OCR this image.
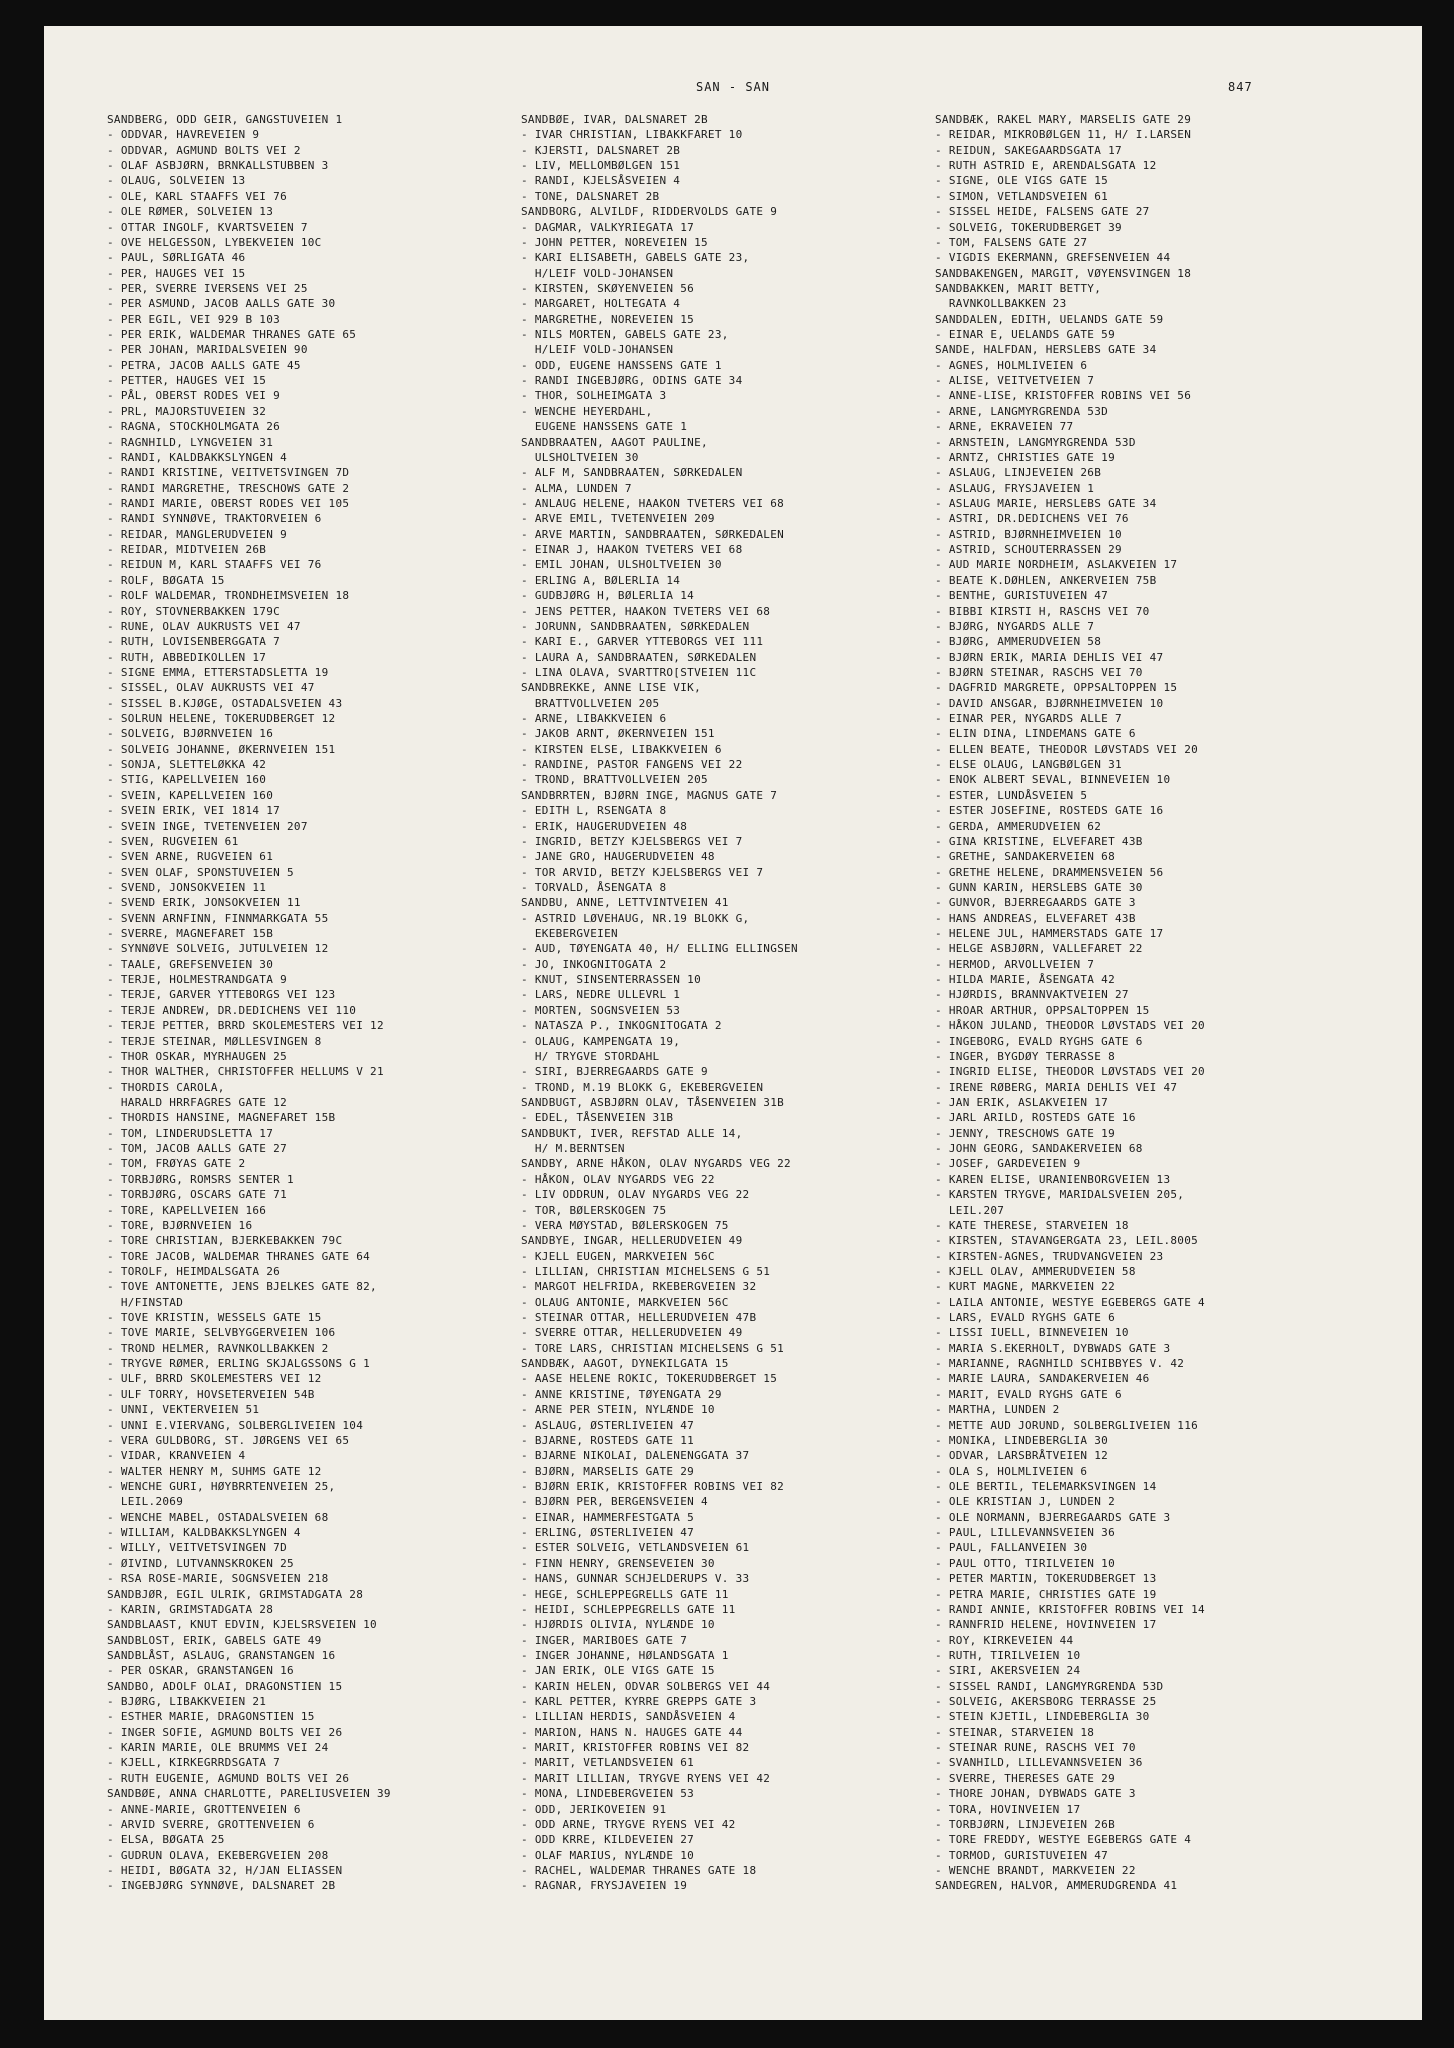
SAN - SAN	847
SANDBERG, ODD GEIR, GANGSTUVEIEN 1
- ODDVAR, HAVREVEIEN 9
- ODDVAR, AGMUND BOLTS VEI 2
- OLAF ASBJØRN, BRNKALLSTUBBEN 3
- OLAUG, SOLVEIEN 13
- OLE, KARL STAAFFS VEI 76
- OLE RØMER, SOLVEIEN 13
- OTTAR INGOLF, KVARTSVEIEN 7
- OVE HELGESSON, LYBEKVEIEN 10C
- PAUL, SØRLIGATA 46
- PER, HAUGES VEI 15
- PER, SVERRE IVERSENS VEI 25
- PER ASMUND, JACOB AALLS GATE 30
- PER EGIL, VEI 929 B 103
- PER ERIK, WALDEMAR THRANES GATE 65
- PER JOHAN, MARIDALSVEIEN 90
- PETRA, JACOB AALLS GATE 45
- PETTER, HAUGES VEI 15
- PÅL, OBERST RODES VEI 9
- PRL, MAJORSTUVEIEN 32
- RAGNA, STOCKHOLMGATA 26
- RAGNHILD, LYNGVEIEN 31
- RANDI, KALDBAKKSLYNGEN 4
- RANDI KRISTINE, VEITVETSVINGEN 7D
- RANDI MARGRETHE, TRESCHOWS GATE 2
- RANDI MARIE, OBERST RODES VEI 105
- RANDI SYNNØVE, TRAKTORVEIEN 6
- REIDAR, MANGLERUDVEIEN 9
- REIDAR, MIDTVEIEN 26B
- REIDUN M, KARL STAAFFS VEI 76
- ROLF, BØGATA 15
- ROLF WALDEMAR, TRONDHEIMSVEIEN 18
- ROY, STOVNERBAKKEN 179C
- RUNE, OLAV AUKRUSTS VEI 47
- RUTH, LOVISENBERGGATA 7
- RUTH, ABBEDIKOLLEN 17
- SIGNE EMMA, ETTERSTADSLETTA 19
- SISSEL, OLAV AUKRUSTS VEI 47
- SISSEL B.KJØGE, OSTADALSVEIEN 43
- SOLRUN HELENE, TOKERUDBERGET 12
- SOLVEIG, BJØRNVEIEN 16
- SOLVEIG JOHANNE, ØKERNVEIEN 151
- SONJA, SLETTELØKKA 42
- STIG, KAPELLVEIEN 160
- SVEIN, KAPELLVEIEN 160
- SVEIN ERIK, VEI 1814 17
- SVEIN INGE, TVETENVEIEN 207
- SVEN, RUGVEIEN 61
- SVEN ARNE, RUGVEIEN 61
- SVEN OLAF, SPONSTUVEIEN 5
- SVEND, JONSOKVEIEN 11
- SVEND ERIK, JONSOKVEIEN 11
- SVENN ARNFINN, FINNMARKGATA 55
- SVERRE, MAGNEFARET 15B
- SYNNØVE SOLVEIG, JUTULVEIEN 12
- TAALE, GREFSENVEIEN 30
- TERJE, HOLMESTRANDGATA 9
- TERJE, GARVER YTTEBORGS VEI 123
- TERJE ANDREW, DR.DEDICHENS VEI 110
- TERJE PETTER, BRRD SKOLEMESTERS VEI 12
- TERJE STEINAR, MØLLESVINGEN 8
- THOR OSKAR, MYRHAUGEN 25
- THOR WALTHER, CHRISTOFFER HELLUMS V 21
- THORDIS CAROLA,
HARALD HRRFAGRES GATE 12
- THORDIS HANSINE, MAGNEFARET 15B
- TOM, LINDERUDSLETTA 17
- TOM, JACOB AALLS GATE 27
- TOM, FRØYAS GATE 2
- TORBJØRG, ROMSRS SENTER 1
- TORBJØRG, OSCARS GATE 71
- TORE, KAPELLVEIEN 166
- TORE, BJØRNVEIEN 16
- TORE CHRISTIAN, BJERKEBAKKEN 79C
- TORE JACOB, WALDEMAR THRANES GATE 64
- TOROLF, HEIMDALSGATA 26
- TOVE ANTONETTE, JENS BJELKES GATE 82,
H/FINSTAD
- TOVE KRISTIN, WESSELS GATE 15
- TOVE MARIE, SELVBYGGERVEIEN 106
- TROND HELMER, RAVNKOLLBAKKEN 2
- TRYGVE RØMER, ERLING SKJALGSSONS G 1
- ULF, BRRD SKOLEMESTERS VEI 12
- ULF TORRY, HOVSETERVEIEN 54B
- UNNI, VEKTERVEIEN 51
- UNNI E.VIERVANG, SOLBERGLIVEIEN 104
- VERA GULDBORG, ST. JØRGENS VEI 65
- VIDAR, KRANVEIEN 4
- WALTER HENRY M, SUHMS GATE 12
- WENCHE GURI, HØYBRRTENVEIEN 25,
LEIL.2069
- WENCHE MABEL, OSTADALSVEIEN 68
- WILLIAM, KALDBAKKSLYNGEN 4
- WILLY, VEITVETSVINGEN 7D
- ØIVIND, LUTVANNSKROKEN 25
- RSA ROSE-MARIE, SOGNSVEIEN 218
SANDBJØR, EGIL ULRIK, GRIMSTADGATA 28
- KARIN, GRIMSTADGATA 28
SANDBLAAST, KNUT EDVIN, KJELSRSVEIEN 10
SANDBLOST, ERIK, GABELS GATE 49
SANDBLÅST, ASLAUG, GRANSTANGEN 16
- PER OSKAR, GRANSTANGEN 16
SANDBO, ADOLF OLAI, DRAGONSTIEN 15
- BJØRG, LIBAKKVEIEN 21
- ESTHER MARIE, DRAGONSTIEN 15
- INGER SOFIE, AGMUND BOLTS VEI 26
- KARIN MARIE, OLE BRUMMS VEI 24
- KJELL, KIRKEGRRDSGATA 7
- RUTH EUGENIE, AGMUND BOLTS VEI 26
SANDBØE, ANNA CHARLOTTE, PARELIUSVEIEN 39
- ANNE-MARIE, GROTTENVEIEN 6
- ARVID SVERRE, GROTTENVEIEN 6
- ELSA, BØGATA 25
- GUDRUN OLAVA, EKEBERGVEIEN 208
- HEIDI, BØGATA 32, H/JAN ELIASSEN
- INGEBJØRG SYNNØVE, DALSNARET 2B
SANDBØE, IVAR, DALSNARET 2B
- IVAR CHRISTIAN, LIBAKKFARET 10
- KJERSTI, DALSNARET 2B
- LIV, MELLOMBØLGEN 151
- RANDI, KJELSÅSVEIEN 4
- TONE, DALSNARET 2B
SANDBORG, ALVILDF, RIDDERVOLDS GATE 9
- DAGMAR, VALKYRIEGATA 17
- JOHN PETTER, NOREVEIEN 15
- KARI ELISABETH, GABELS GATE 23,
H/LEIF VOLD-JOHANSEN
- KIRSTEN, SKØYENVEIEN 56
- MARGARET, HOLTEGATA 4
- MARGRETHE, NOREVEIEN 15
- NILS MORTEN, GABELS GATE 23,
H/LEIF VOLD-JOHANSEN
- ODD, EUGENE HANSSENS GATE 1
- RANDI INGEBJØRG, ODINS GATE 34
- THOR, SOLHEIMGATA 3
- WENCHE HEYERDAHL,
EUGENE HANSSENS GATE 1
SANDBRAATEN, AAGOT PAULINE,
ULSHOLTVEIEN 30
- ALF M, SANDBRAATEN, SØRKEDALEN
- ALMA, LUNDEN 7
- ANLAUG HELENE, HAAKON TVETERS VEI 68
- ARVE EMIL, TVETENVEIEN 209
- ARVE MARTIN, SANDBRAATEN, SØRKEDALEN
- EINAR J, HAAKON TVETERS VEI 68
- EMIL JOHAN, ULSHOLTVEIEN 30
- ERLING A, BØLERLIA 14
- GUDBJØRG H, BØLERLIA 14
- JENS PETTER, HAAKON TVETERS VEI 68
- JORUNN, SANDBRAATEN, SØRKEDALEN
- KARI E., GARVER YTTEBORGS VEI 111
- LAURA A, SANDBRAATEN, SØRKEDALEN
- LINA OLAVA, SVARTTRO[STVEIEN 11C
SANDBREKKE, ANNE LISE VIK,
BRATTVOLLVEIEN 205
- ARNE, LIBAKKVEIEN 6
- JAKOB ARNT, ØKERNVEIEN 151
- KIRSTEN ELSE, LIBAKKVEIEN 6
- RANDINE, PASTOR FANGENS VEI 22
- TROND, BRATTVOLLVEIEN 205
SANDBRRTEN, BJØRN INGE, MAGNUS GATE 7
- EDITH L, RSENGATA 8
- ERIK, HAUGERUDVEIEN 48
- INGRID, BETZY KJELSBERGS VEI 7
- JANE GRO, HAUGERUDVEIEN 48
- TOR ARVID, BETZY KJELSBERGS VEI 7
- TORVALD, ÅSENGATA 8
SANDBU, ANNE, LETTVINTVEIEN 41
- ASTRID LØVEHAUG, NR.19 BLOKK G,
EKEBERGVEIEN
- AUD, TØYENGATA 40, H/ ELLING ELLINGSEN
- JO, INKOGNITOGATA 2
- KNUT, SINSENTERRASSEN 10
- LARS, NEDRE ULLEVRL 1
- MORTEN, SOGNSVEIEN 53
- NATASZA P., INKOGNITOGATA 2
- OLAUG, KAMPENGATA 19,
H/ TRYGVE STORDAHL
- SIRI, BJERREGAARDS GATE 9
- TROND, M.19 BLOKK G, EKEBERGVEIEN
SANDBUGT, ASBJØRN OLAV, TÅSENVEIEN 31B
- EDEL, TÅSENVEIEN 31B
SANDBUKT, IVER, REFSTAD ALLE 14,
H/ M.BERNTSEN
SANDBY, ARNE HÅKON, OLAV NYGARDS VEG 22
- HÅKON, OLAV NYGARDS VEG 22
- LIV ODDRUN, OLAV NYGARDS VEG 22
- TOR, BØLERSKOGEN 75
- VERA MØYSTAD, BØLERSKOGEN 75
SANDBYE, INGAR, HELLERUDVEIEN 49
- KJELL EUGEN, MARKVEIEN 56C
- LILLIAN, CHRISTIAN MICHELSENS G 51
- MARGOT HELFRIDA, RKEBERGVEIEN 32
- OLAUG ANTONIE, MARKVEIEN 56C
- STEINAR OTTAR, HELLERUDVEIEN 47B
- SVERRE OTTAR, HELLERUDVEIEN 49
- TORE LARS, CHRISTIAN MICHELSENS G 51
SANDBÆK, AAGOT, DYNEKILGATA 15
- AASE HELENE ROKIC, TOKERUDBERGET 15
- ANNE KRISTINE, TØYENGATA 29
- ARNE PER STEIN, NYLÆNDE 10
- ASLAUG, ØSTERLIVEIEN 47
- BJARNE, ROSTEDS GATE 11
- BJARNE NIKOLAI, DALENENGGATA 37
- BJØRN, MARSELIS GATE 29
- BJØRN ERIK, KRISTOFFER ROBINS VEI 82
- BJØRN PER, BERGENSVEIEN 4
- EINAR, HAMMERFESTGATA 5
- ERLING, ØSTERLIVEIEN 47
- ESTER SOLVEIG, VETLANDSVEIEN 61
- FINN HENRY, GRENSEVEIEN 30
- HANS, GUNNAR SCHJELDERUPS V. 33
- HEGE, SCHLEPPEGRELLS GATE 11
- HEIDI, SCHLEPPEGRELLS GATE 11
- HJØRDIS OLIVIA, NYLÆNDE 10
- INGER, MARIBOES GATE 7
- INGER JOHANNE, HØLANDSGATA 1
- JAN ERIK, OLE VIGS GATE 15
- KARIN HELEN, ODVAR SOLBERGS VEI 44
- KARL PETTER, KYRRE GREPPS GATE 3
- LILLIAN HERDIS, SANDÅSVEIEN 4
- MARION, HANS N. HAUGES GATE 44
- MARIT, KRISTOFFER ROBINS VEI 82
- MARIT, VETLANDSVEIEN 61
- MARIT LILLIAN, TRYGVE RYENS VEI 42
- MONA, LINDEBERGVEIEN 53
- ODD, JERIKOVEIEN 91
- ODD ARNE, TRYGVE RYENS VEI 42
- ODD KRRE, KILDEVEIEN 27
- OLAF MARIUS, NYLÆNDE 10
- RACHEL, WALDEMAR THRANES GATE 18
- RAGNAR, FRYSJAVEIEN 19
SANDBÆK, RAKEL MARY, MARSELIS GATE 29
- REIDAR, MIKROBØLGEN 11, H/ I.LARSEN
- REIDUN, SAKEGAARDSGATA 17
- RUTH ASTRID E, ARENDALSGATA 12
- SIGNE, OLE VIGS GATE 15
- SIMON, VETLANDSVEIEN 61
- SISSEL HEIDE, FALSENS GATE 27
- SOLVEIG, TOKERUDBERGET 39
- TOM, FALSENS GATE 27
- VIGDIS EKERMANN, GREFSENVEIEN 44
SANDBAKENGEN, MARGIT, VØYENSVINGEN 18
SANDBAKKEN, MARIT BETTY,
RAVNKOLLBAKKEN 23
SANDDALEN, EDITH, UELANDS GATE 59
- EINAR E, UELANDS GATE 59
SANDE, HALFDAN, HERSLEBS GATE 34
- AGNES, HOLMLIVEIEN 6
- ALISE, VEITVETVEIEN 7
- ANNE-LISE, KRISTOFFER ROBINS VEI 56
- ARNE, LANGMYRGRENDA 53D
- ARNE, EKRAVEIEN 77
- ARNSTEIN, LANGMYRGRENDA 53D
- ARNTZ, CHRISTIES GATE 19
- ASLAUG, LINJEVEIEN 26B
- ASLAUG, FRYSJAVEIEN 1
- ASLAUG MARIE, HERSLEBS GATE 34
- ASTRI, DR.DEDICHENS VEI 76
- ASTRID, BJØRNHEIMVEIEN 10
- ASTRID, SCHOUTERRASSEN 29
- AUD MARIE NORDHEIM, ASLAKVEIEN 17
- BEATE K.DØHLEN, ANKERVEIEN 75B
- BENTHE, GURISTUVEIEN 47
- BIBBI KIRSTI H, RASCHS VEI 70
- BJØRG, NYGARDS ALLE 7
- BJØRG, AMMERUDVEIEN 58
- BJØRN ERIK, MARIA DEHLIS VEI 47
- BJØRN STEINAR, RASCHS VEI 70
- DAGFRID MARGRETE, OPPSALTOPPEN 15
- DAVID ANSGAR, BJØRNHEIMVEIEN 10
- EINAR PER, NYGARDS ALLE 7
- ELIN DINA, LINDEMANS GATE 6
- ELLEN BEATE, THEODOR LØVSTADS VEI 20
- ELSE OLAUG, LANGBØLGEN 31
- ENOK ALBERT SEVAL, BINNEVEIEN 10
- ESTER, LUNDÅSVEIEN 5
- ESTER JOSEFINE, ROSTEDS GATE 16
- GERDA, AMMERUDVEIEN 62
- GINA KRISTINE, ELVEFARET 43B
- GRETHE, SANDAKERVEIEN 68
- GRETHE HELENE, DRAMMENSVEIEN 56
- GUNN KARIN, HERSLEBS GATE 30
- GUNVOR, BJERREGAARDS GATE 3
- HANS ANDREAS, ELVEFARET 43B
- HELENE JUL, HAMMERSTADS GATE 17
- HELGE ASBJØRN, VALLEFARET 22
- HERMOD, ARVOLLVEIEN 7
- HILDA MARIE, ÅSENGATA 42
- HJØRDIS, BRANNVAKTVEIEN 27
- HROAR ARTHUR, OPPSALTOPPEN 15
- HÅKON JULAND, THEODOR LØVSTADS VEI 20
- INGEBORG, EVALD RYGHS GATE 6
- INGER, BYGDØY TERRASSE 8
- INGRID ELISE, THEODOR LØVSTADS VEI 20
- IRENE RØBERG, MARIA DEHLIS VEI 47
- JAN ERIK, ASLAKVEIEN 17
- JARL ARILD, ROSTEDS GATE 16
- JENNY, TRESCHOWS GATE 19
- JOHN GEORG, SANDAKERVEIEN 68
- JOSEF, GARDEVEIEN 9
- KAREN ELISE, URANIENBORGVEIEN 13
- KARSTEN TRYGVE, MARIDALSVEIEN 205,
LEIL.207
- KATE THERESE, STARVEIEN 18
- KIRSTEN, STAVANGERGATA 23, LEIL.8005
- KIRSTEN-AGNES, TRUDVANGVEIEN 23
- KJELL OLAV, AMMERUDVEIEN 58
- KURT MAGNE, MARKVEIEN 22
- LAILA ANTONIE, WESTYE EGEBERGS GATE 4
- LARS, EVALD RYGHS GATE 6
- LISSI IUELL, BINNEVEIEN 10
- MARIA S.EKERHOLT, DYBWADS GATE 3
- MARIANNE, RAGNHILD SCHIBBYES V. 42
- MARIE LAURA, SANDAKERVEIEN 46
- MARIT, EVALD RYGHS GATE 6
- MARTHA, LUNDEN 2
- METTE AUD JORUND, SOLBERGLIVEIEN 116
- MONIKA, LINDEBERGLIA 30
- ODVAR, LARSBRÅTVEIEN 12
- OLA S, HOLMLIVEIEN 6
- OLE BERTIL, TELEMARKSVINGEN 14
- OLE KRISTIAN J, LUNDEN 2
- OLE NORMANN, BJERREGAARDS GATE 3
- PAUL, LILLEVANNSVEIEN 36
- PAUL, FALLANVEIEN 30
- PAUL OTTO, TIRILVEIEN 10
- PETER MARTIN, TOKERUDBERGET 13
- PETRA MARIE, CHRISTIES GATE 19
- RANDI ANNIE, KRISTOFFER ROBINS VEI 14
- RANNFRID HELENE, HOVINVEIEN 17
- ROY, KIRKEVEIEN 44
- RUTH, TIRILVEIEN 10
- SIRI, AKERSVEIEN 24
- SISSEL RANDI, LANGMYRGRENDA 53D
- SOLVEIG, AKERSBORG TERRASSE 25
- STEIN KJETIL, LINDEBERGLIA 30
- STEINAR, STARVEIEN 18
- STEINAR RUNE, RASCHS VEI 70
- SVANHILD, LILLEVANNSVEIEN 36
- SVERRE, THERESES GATE 29
- THORE JOHAN, DYBWADS GATE 3
- TORA, HOVINVEIEN 17
- TORBJØRN, LINJEVEIEN 26B
- TORE FREDDY, WESTYE EGEBERGS GATE 4
- TORMOD, GURISTUVEIEN 47
- WENCHE BRANDT, MARKVEIEN 22
SANDEGREN, HALVOR, AMMERUDGRENDA 41
